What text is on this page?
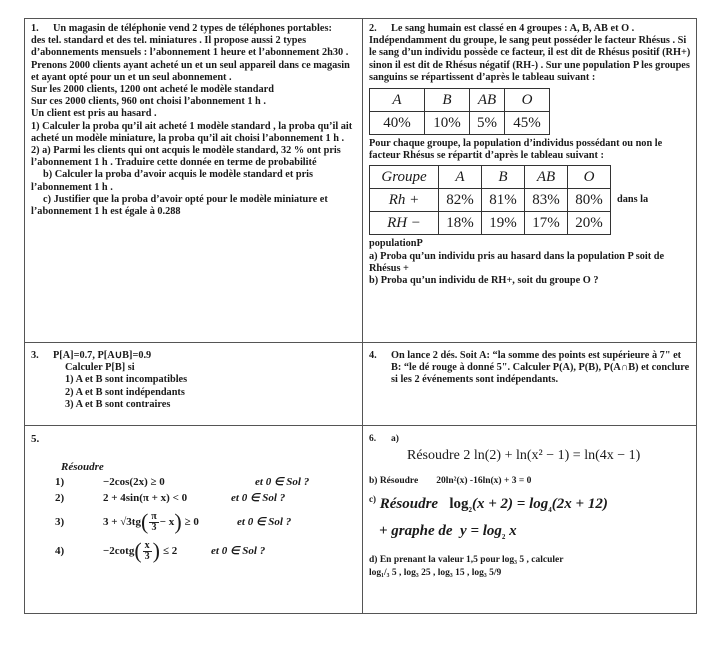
1.	Un magasin de téléphonie vend 2 types de téléphones portables:

des tel. standard et des tel. miniatures . Il propose aussi 2 types d’abonnements mensuels : l’abonnement 1 heure et l’abonnement 2h30 . Prenons 2000 clients ayant acheté un et un seul appareil dans ce magasin et ayant opté pour un et un seul abonnement .

Sur les 2000 clients, 1200 ont acheté le modèle standard

Sur ces 2000 clients, 960 ont choisi l’abonnement 1 h .

Un client est pris au hasard .

1) Calculer la proba qu’il ait acheté 1 modèle standard , la proba qu’il ait acheté un modèle miniature, la proba qu’il ait choisi l’abonnement 1 h .

2) a) Parmi les clients qui ont acquis le modèle standard, 32 % ont pris l’abonnement 1 h . Traduire cette donnée en terme de probabilité

b) Calculer la proba d’avoir acquis le modèle standard et pris l’abonnement 1 h .

c) Justifier que la proba d’avoir opté pour le modèle miniature et l’abonnement 1 h est égale à 0.288

2. Le sang humain est classé en 4 groupes : A, B, AB et O . Indépendamment du groupe, le sang peut posséder le facteur Rhésus . Si le sang d’un individu possède ce facteur, il est dit de Rhésus positif (RH+) sinon il est dit de Rhésus négatif (RH-) . Sur une population P les groupes sanguins se répartissent d’après le tableau suivant :

A	B	AB	O
40%	10%	5%	45%

Pour chaque groupe, la population d’individus possédant ou non le facteur Rhésus se répartit d’après le tableau suivant :

Groupe	A	B	AB	O
Rh +	82%	81%	83%	80%
RH −	18%	19%	17%	20%
dans la

populationP

a) Proba qu’un individu pris au hasard dans la population P soit de Rhésus +

b) Proba qu’un individu de RH+, soit du groupe O ?

3. P[A]=0.7, P[A∪B]=0.9

Calculer P[B] si

1) A et B sont incompatibles

2) A et B sont indépendants

3) A et B sont contraires

4.	On lance 2 dés. Soit A: “la somme des points est supérieure à 7" et B: “le dé rouge à donné 5". Calculer P(A), P(B), P(A∩B) et conclure si les 2 événements sont indépendants.

5.

Résoudre

1)	−2cos(2x) ≥ 0	et 0 ∈ Sol ?
2)	2 + 4sin(π + x) < 0	et 0 ∈ Sol ?
3)	3 + √3tg ( $\frac{\pi}{3} - x$ ) ≥ 0	et 0 ∈ Sol ?
4)	−2cotg ( $\frac{x}{3}$ ) ≤ 2	et 0 ∈ Sol ?

6. a)

Résoudre 2 ln(2) + ln(x² − 1) = ln(4x − 1)

b) Résoudre 20ln²(x) -16ln(x) + 3 = 0

$^{c)}$ Résoudre $\log_2(x + 2) = \log_4(2x + 12)$

+ graphe de $y = \log_2 x$

d) En prenant la valeur 1,5 pour log₃ 5 , calculer

log₁/₃ 5 , log₃ 25 , log₃ 15 , log₃ 5/9
